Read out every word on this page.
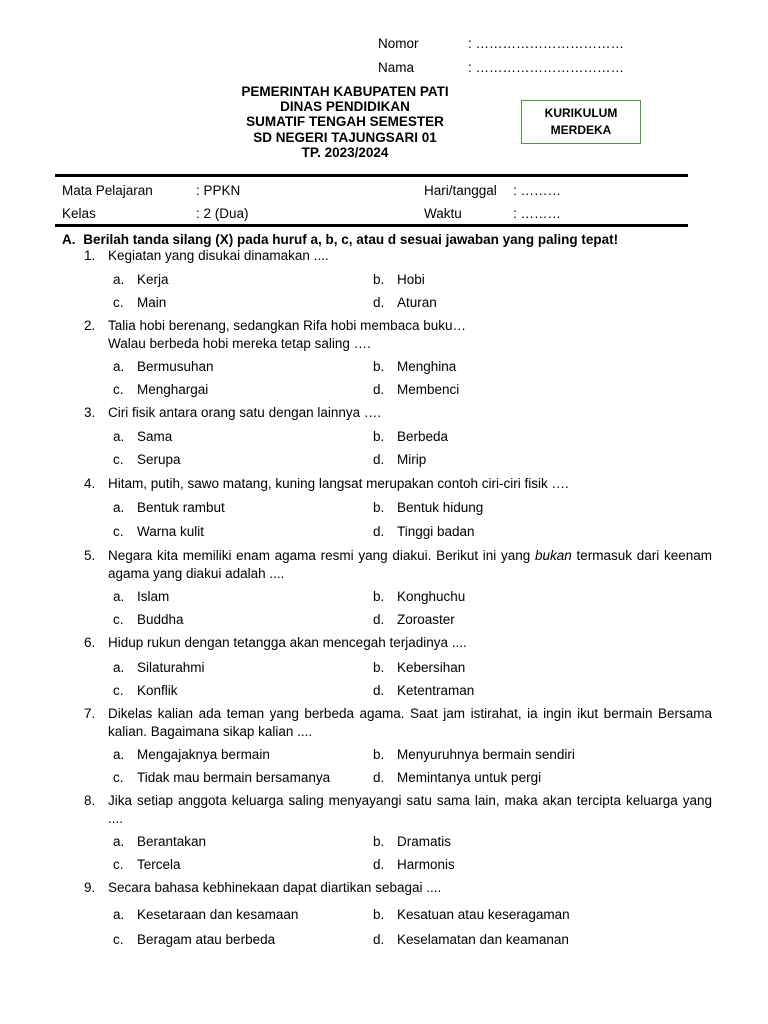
Nomor	: ……………………………
Nama	: ……………………………
PEMERINTAH KABUPATEN PATI
DINAS PENDIDIKAN
SUMATIF TENGAH SEMESTER
SD NEGERI TAJUNGSARI 01
TP. 2023/2024
KURIKULUM
MERDEKA
Mata Pelajaran	: PPKN	Hari/tanggal : ………
Kelas	: 2 (Dua)	Waktu	: ………
A. Berilah tanda silang (X) pada huruf a, b, c, atau d sesuai jawaban yang paling tepat!
1. Kegiatan yang disukai dinamakan ....
a. Kerja	b. Hobi
c. Main	d. Aturan
2. Talia hobi berenang, sedangkan Rifa hobi membaca buku…
Walau berbeda hobi mereka tetap saling ….
a. Bermusuhan	b. Menghina
c. Menghargai	d. Membenci
3. Ciri fisik antara orang satu dengan lainnya ….
a. Sama	b. Berbeda
c. Serupa	d. Mirip
4. Hitam, putih, sawo matang, kuning langsat merupakan contoh ciri-ciri fisik ….
a. Bentuk rambut	b. Bentuk hidung
c. Warna kulit	d. Tinggi badan
5. Negara kita memiliki enam agama resmi yang diakui. Berikut ini yang bukan termasuk dari keenam agama yang diakui adalah ....
a. Islam	b. Konghuchu
c. Buddha	d. Zoroaster
6. Hidup rukun dengan tetangga akan mencegah terjadinya ....
a. Silaturahmi	b. Kebersihan
c. Konflik	d. Ketentraman
7. Dikelas kalian ada teman yang berbeda agama. Saat jam istirahat, ia ingin ikut bermain Bersama kalian. Bagaimana sikap kalian ....
a. Mengajaknya bermain	b. Menyuruhnya bermain sendiri
c. Tidak mau bermain bersamanya	d. Memintanya untuk pergi
8. Jika setiap anggota keluarga saling menyayangi satu sama lain, maka akan tercipta keluarga yang ....
a. Berantakan	b. Dramatis
c. Tercela	d. Harmonis
9. Secara bahasa kebhinekaan dapat diartikan sebagai ....
a. Kesetaraan dan kesamaan	b. Kesatuan atau keseragaman
c. Beragam atau berbeda	d. Keselamatan dan keamanan
